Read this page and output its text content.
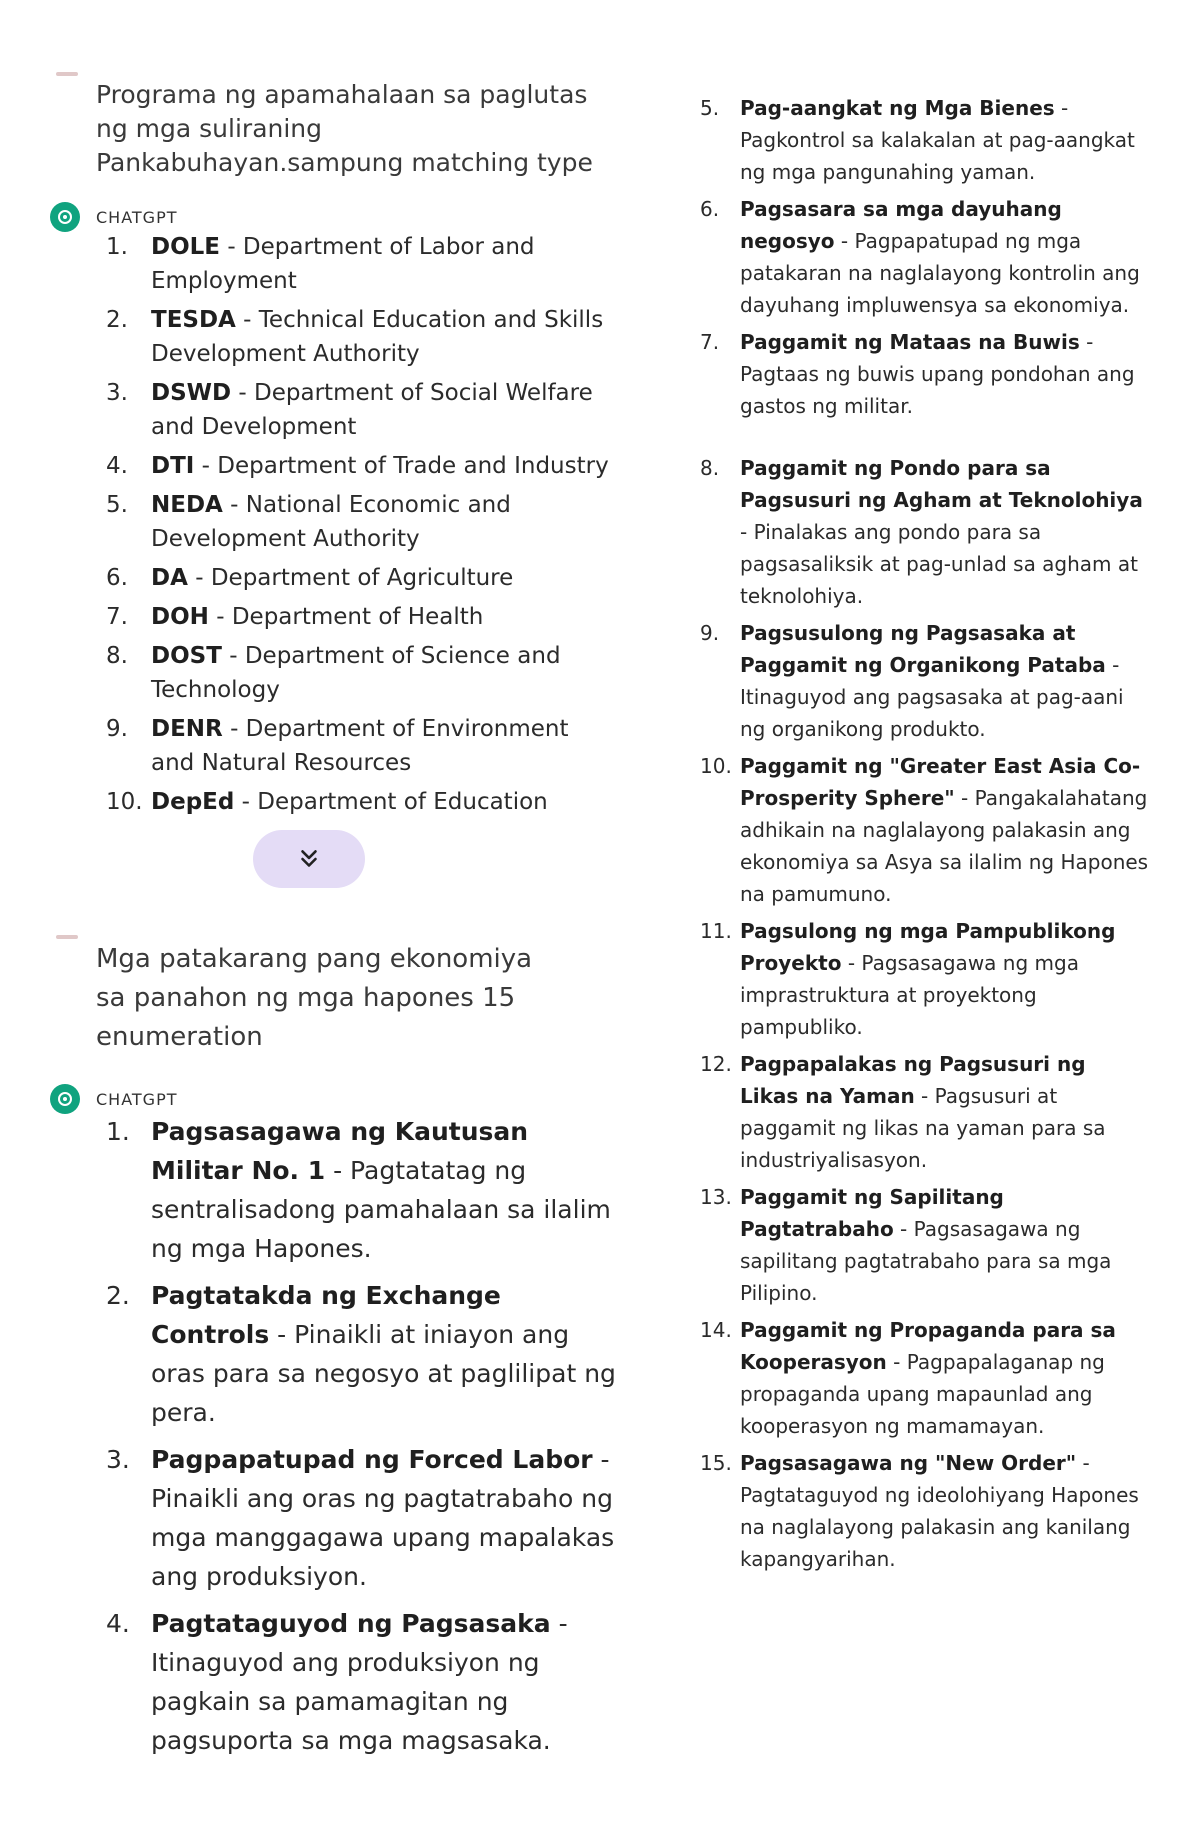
Programa ng apamahalaan sa paglutas ng mga suliraning Pankabuhayan.sampung matching type
CHATGPT
1. DOLE - Department of Labor and Employment
2. TESDA - Technical Education and Skills Development Authority
3. DSWD - Department of Social Welfare and Development
4. DTI - Department of Trade and Industry
5. NEDA - National Economic and Development Authority
6. DA - Department of Agriculture
7. DOH - Department of Health
8. DOST - Department of Science and Technology
9. DENR - Department of Environment and Natural Resources
10. DepEd - Department of Education
Mga patakarang pang ekonomiya sa panahon ng mga hapones 15 enumeration
CHATGPT
1. Pagsasagawa ng Kautusan Militar No. 1 - Pagtatatag ng sentralisadong pamahalaan sa ilalim ng mga Hapones.
2. Pagtatakda ng Exchange Controls - Pinaikli at iniayon ang oras para sa negosyo at paglilipat ng pera.
3. Pagpapatupad ng Forced Labor - Pinaikli ang oras ng pagtatrabaho ng mga manggagawa upang mapalakas ang produksiyon.
4. Pagtataguyod ng Pagsasaka - Itinaguyod ang produksiyon ng pagkain sa pamamagitan ng pagsuporta sa mga magsasaka.
5. Pag-aangkat ng Mga Bienes - Pagkontrol sa kalakalan at pag-aangkat ng mga pangunahing yaman.
6. Pagsasara sa mga dayuhang negosyo - Pagpapatupad ng mga patakaran na naglalayong kontrolin ang dayuhang impluwensya sa ekonomiya.
7. Paggamit ng Mataas na Buwis - Pagtaas ng buwis upang pondohan ang gastos ng militar.
8. Paggamit ng Pondo para sa Pagsusuri ng Agham at Teknolohiya - Pinalakas ang pondo para sa pagsasaliksik at pag-unlad sa agham at teknolohiya.
9. Pagsusulong ng Pagsasaka at Paggamit ng Organikong Pataba - Itinaguyod ang pagsasaka at pag-aani ng organikong produkto.
10. Paggamit ng "Greater East Asia Co-Prosperity Sphere" - Pangakalahatang adhikain na naglalayong palakasin ang ekonomiya sa Asya sa ilalim ng Hapones na pamumuno.
11. Pagsulong ng mga Pampublikong Proyekto - Pagsasagawa ng mga imprastruktura at proyektong pampubliko.
12. Pagpapalakas ng Pagsusuri ng Likas na Yaman - Pagsusuri at paggamit ng likas na yaman para sa industriyalisasyon.
13. Paggamit ng Sapilitang Pagtatrabaho - Pagsasagawa ng sapilitang pagtatrabaho para sa mga Pilipino.
14. Paggamit ng Propaganda para sa Kooperasyon - Pagpapalaganap ng propaganda upang mapaunlad ang kooperasyon ng mamamayan.
15. Pagsasagawa ng "New Order" - Pagtataguyod ng ideolohiyang Hapones na naglalayong palakasin ang kanilang kapangyarihan.
